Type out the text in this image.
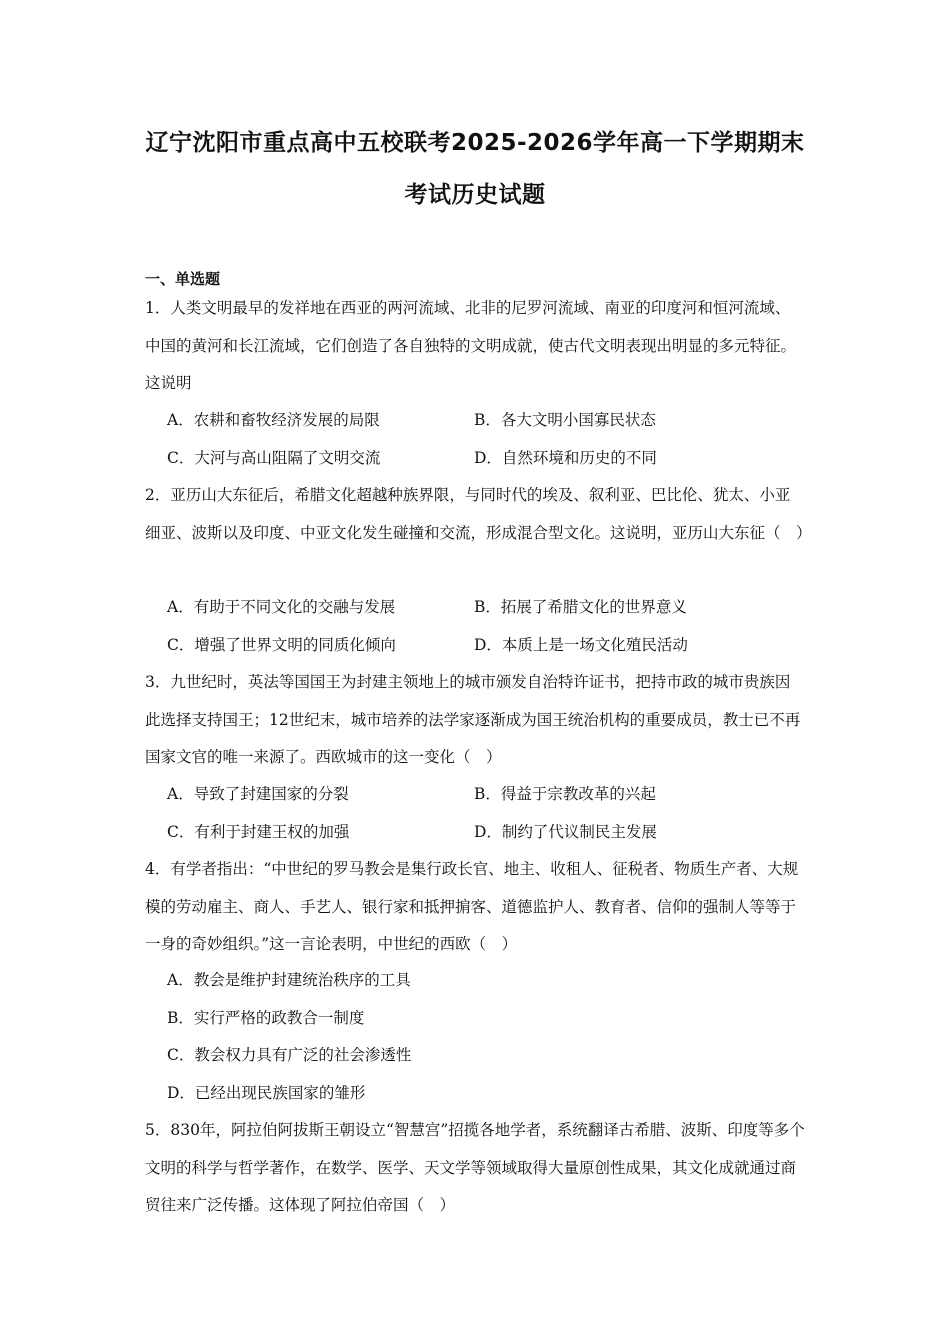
辽宁沈阳市重点高中五校联考2025-2026学年高一下学期期末
考试历史试题
一、单选题
1．人类文明最早的发祥地在西亚的两河流域、北非的尼罗河流域、南亚的印度河和恒河流域、中国的黄河和长江流域，它们创造了各自独特的文明成就，使古代文明表现出明显的多元特征。这说明
A．农耕和畜牧经济发展的局限	B．各大文明小国寡民状态
C．大河与高山阻隔了文明交流	D．自然环境和历史的不同
2．亚历山大东征后，希腊文化超越种族界限，与同时代的埃及、叙利亚、巴比伦、犹太、小亚细亚、波斯以及印度、中亚文化发生碰撞和交流，形成混合型文化。这说明，亚历山大东征（　）
A．有助于不同文化的交融与发展	B．拓展了希腊文化的世界意义
C．增强了世界文明的同质化倾向	D．本质上是一场文化殖民活动
3．九世纪时，英法等国国王为封建主领地上的城市颁发自治特许证书，把持市政的城市贵族因此选择支持国王；12世纪末，城市培养的法学家逐渐成为国王统治机构的重要成员，教士已不再国家文官的唯一来源了。西欧城市的这一变化（　）
A．导致了封建国家的分裂	B．得益于宗教改革的兴起
C．有利于封建王权的加强	D．制约了代议制民主发展
4．有学者指出：“中世纪的罗马教会是集行政长官、地主、收租人、征税者、物质生产者、大规模的劳动雇主、商人、手艺人、银行家和抵押掮客、道德监护人、教育者、信仰的强制人等等于一身的奇妙组织。”这一言论表明，中世纪的西欧（　）
A．教会是维护封建统治秩序的工具
B．实行严格的政教合一制度
C．教会权力具有广泛的社会渗透性
D．已经出现民族国家的雏形
5．830年，阿拉伯阿拔斯王朝设立“智慧宫”招揽各地学者，系统翻译古希腊、波斯、印度等多个文明的科学与哲学著作，在数学、医学、天文学等领域取得大量原创性成果，其文化成就通过商贸往来广泛传播。这体现了阿拉伯帝国（　）
